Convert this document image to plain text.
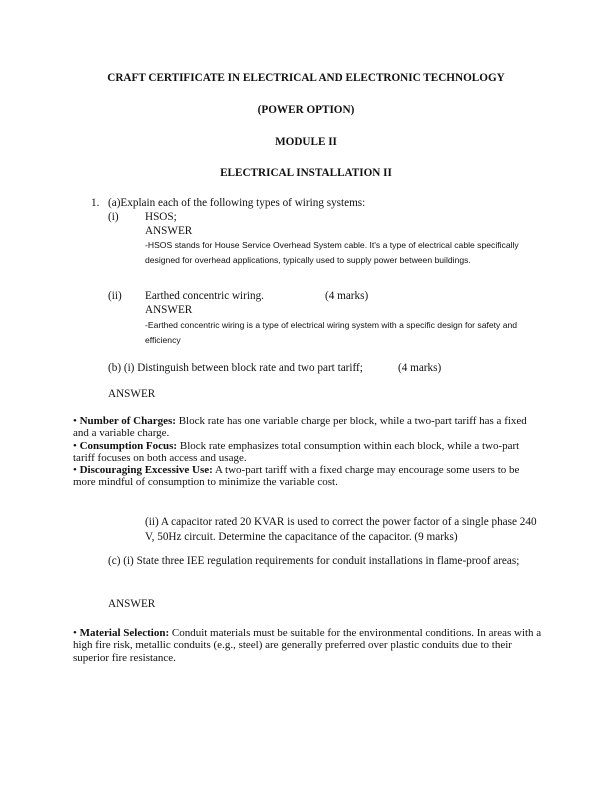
CRAFT CERTIFICATE IN ELECTRICAL AND ELECTRONIC TECHNOLOGY

(POWER OPTION)

MODULE II

ELECTRICAL INSTALLATION II

1. (a)Explain each of the following types of wiring systems:
(i) HSOS;
ANSWER
-HSOS stands for House Service Overhead System cable. It's a type of electrical cable specifically designed for overhead applications, typically used to supply power between buildings.
(ii) Earthed concentric wiring.	(4 marks)
ANSWER
-Earthed concentric wiring is a type of electrical wiring system with a specific design for safety and efficiency
(b) (i) Distinguish between block rate and two part tariff;	(4 marks)
ANSWER
• Number of Charges: Block rate has one variable charge per block, while a two-part tariff has a fixed and a variable charge.
• Consumption Focus: Block rate emphasizes total consumption within each block, while a two-part tariff focuses on both access and usage.
• Discouraging Excessive Use: A two-part tariff with a fixed charge may encourage some users to be more mindful of consumption to minimize the variable cost.
(ii) A capacitor rated 20 KVAR is used to correct the power factor of a single phase 240 V, 50Hz circuit. Determine the capacitance of the capacitor. (9 marks)
(c) (i) State three IEE regulation requirements for conduit installations in flame-proof areas;
ANSWER
• Material Selection: Conduit materials must be suitable for the environmental conditions. In areas with a high fire risk, metallic conduits (e.g., steel) are generally preferred over plastic conduits due to their superior fire resistance.
